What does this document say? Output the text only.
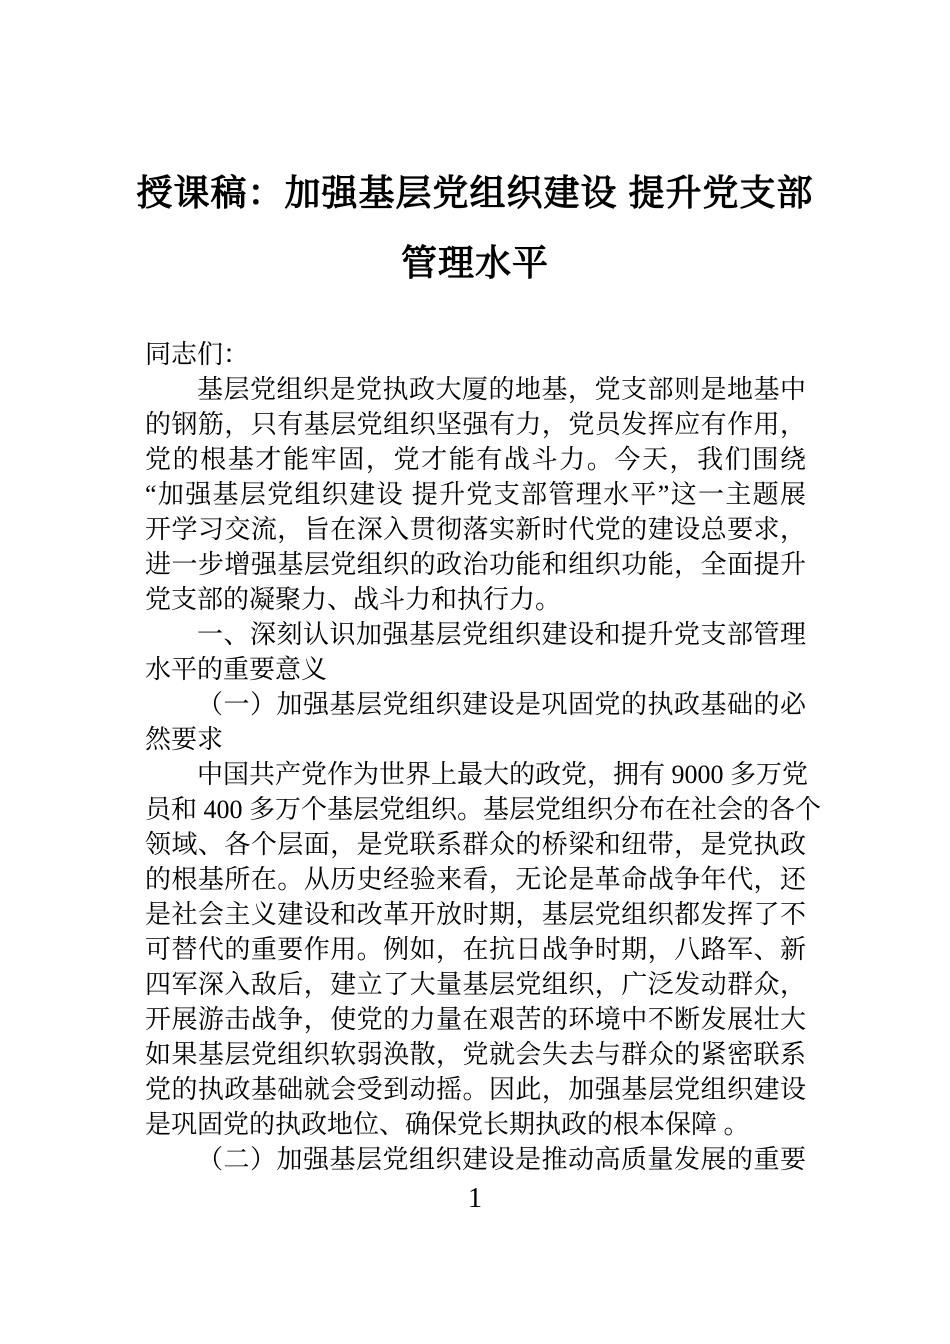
授课稿：加强基层党组织建设 提升党支部
管理水平
同志们：
基层党组织是党执政大厦的地基，党支部则是地基中
的钢筋，只有基层党组织坚强有力，党员发挥应有作用，
党的根基才能牢固，党才能有战斗力。今天，我们围绕
“加强基层党组织建设 提升党支部管理水平”这一主题展
开学习交流，旨在深入贯彻落实新时代党的建设总要求，
进一步增强基层党组织的政治功能和组织功能，全面提升
党支部的凝聚力、战斗力和执行力。
一、深刻认识加强基层党组织建设和提升党支部管理
水平的重要意义
（一）加强基层党组织建设是巩固党的执政基础的必
然要求
中国共产党作为世界上最大的政党，拥有 9000 多万党
员和 400 多万个基层党组织。基层党组织分布在社会的各个
领域、各个层面，是党联系群众的桥梁和纽带，是党执政
的根基所在。从历史经验来看，无论是革命战争年代，还
是社会主义建设和改革开放时期，基层党组织都发挥了不
可替代的重要作用。例如，在抗日战争时期，八路军、新
四军深入敌后，建立了大量基层党组织，广泛发动群众，
开展游击战争，使党的力量在艰苦的环境中不断发展壮大
如果基层党组织软弱涣散，党就会失去与群众的紧密联系
党的执政基础就会受到动摇。因此，加强基层党组织建设
是巩固党的执政地位、确保党长期执政的根本保障 。
（二）加强基层党组织建设是推动高质量发展的重要
1
